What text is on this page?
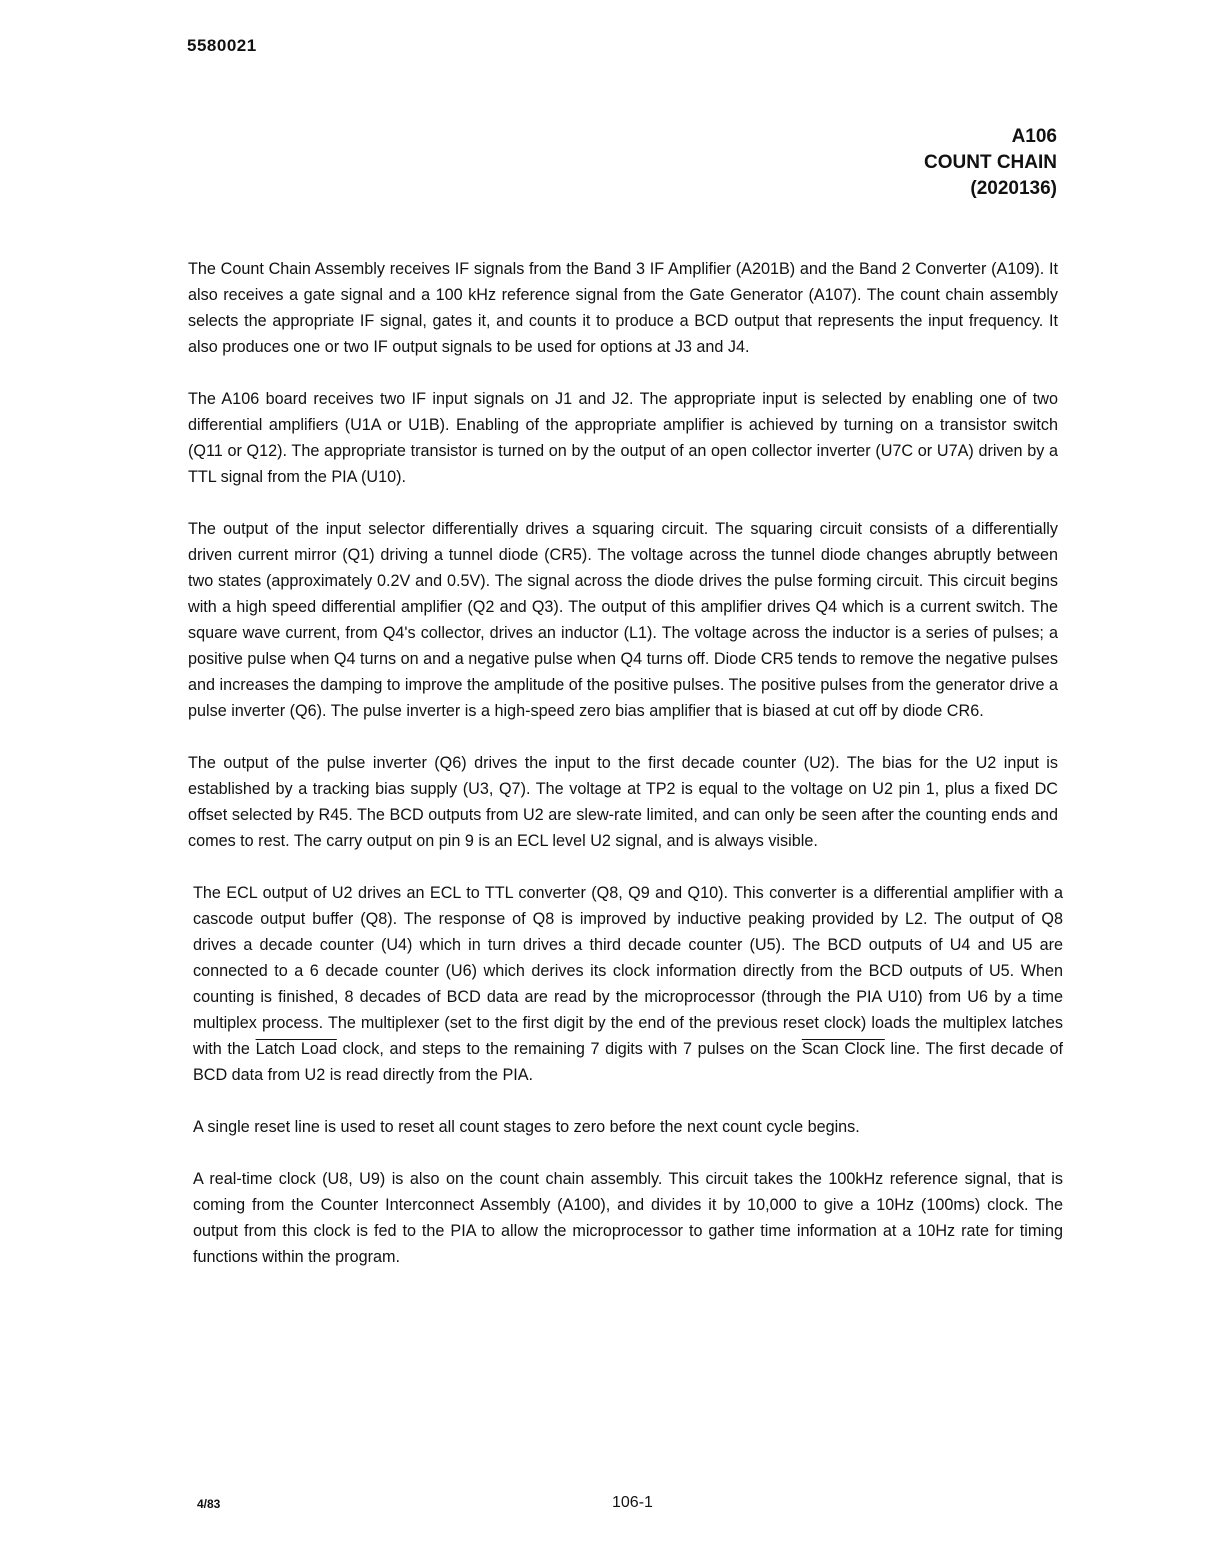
5580021
A106
COUNT CHAIN
(2020136)

The Count Chain Assembly receives IF signals from the Band 3 IF Amplifier (A201B) and the Band 2 Converter (A109). It also receives a gate signal and a 100 kHz reference signal from the Gate Generator (A107). The count chain assembly selects the appropriate IF signal, gates it, and counts it to produce a BCD output that represents the input frequency. It also produces one or two IF output signals to be used for options at J3 and J4.

The A106 board receives two IF input signals on J1 and J2. The appropriate input is selected by enabling one of two differential amplifiers (U1A or U1B). Enabling of the appropriate amplifier is achieved by turning on a transistor switch (Q11 or Q12). The appropriate transistor is turned on by the output of an open collector inverter (U7C or U7A) driven by a TTL signal from the PIA (U10).

The output of the input selector differentially drives a squaring circuit. The squaring circuit consists of a differentially driven current mirror (Q1) driving a tunnel diode (CR5). The voltage across the tunnel diode changes abruptly between two states (approximately 0.2V and 0.5V). The signal across the diode drives the pulse forming circuit. This circuit begins with a high speed differential amplifier (Q2 and Q3). The output of this amplifier drives Q4 which is a current switch. The square wave current, from Q4's collector, drives an inductor (L1). The voltage across the inductor is a series of pulses; a positive pulse when Q4 turns on and a negative pulse when Q4 turns off. Diode CR5 tends to remove the negative pulses and increases the damping to improve the amplitude of the positive pulses. The positive pulses from the generator drive a pulse inverter (Q6). The pulse inverter is a high-speed zero bias amplifier that is biased at cut off by diode CR6.

The output of the pulse inverter (Q6) drives the input to the first decade counter (U2). The bias for the U2 input is established by a tracking bias supply (U3, Q7). The voltage at TP2 is equal to the voltage on U2 pin 1, plus a fixed DC offset selected by R45. The BCD outputs from U2 are slew-rate limited, and can only be seen after the counting ends and comes to rest. The carry output on pin 9 is an ECL level U2 signal, and is always visible.

The ECL output of U2 drives an ECL to TTL converter (Q8, Q9 and Q10). This converter is a differential amplifier with a cascode output buffer (Q8). The response of Q8 is improved by inductive peaking provided by L2. The output of Q8 drives a decade counter (U4) which in turn drives a third decade counter (U5). The BCD outputs of U4 and U5 are connected to a 6 decade counter (U6) which derives its clock information directly from the BCD outputs of U5. When counting is finished, 8 decades of BCD data are read by the microprocessor (through the PIA U10) from U6 by a time multiplex process. The multiplexer (set to the first digit by the end of the previous reset clock) loads the multiplex latches with the Latch Load clock, and steps to the remaining 7 digits with 7 pulses on the Scan Clock line. The first decade of BCD data from U2 is read directly from the PIA.

A single reset line is used to reset all count stages to zero before the next count cycle begins.

A real-time clock (U8, U9) is also on the count chain assembly. This circuit takes the 100kHz reference signal, that is coming from the Counter Interconnect Assembly (A100), and divides it by 10,000 to give a 10Hz (100ms) clock. The output from this clock is fed to the PIA to allow the microprocessor to gather time information at a 10Hz rate for timing functions within the program.

4/83	106-1
